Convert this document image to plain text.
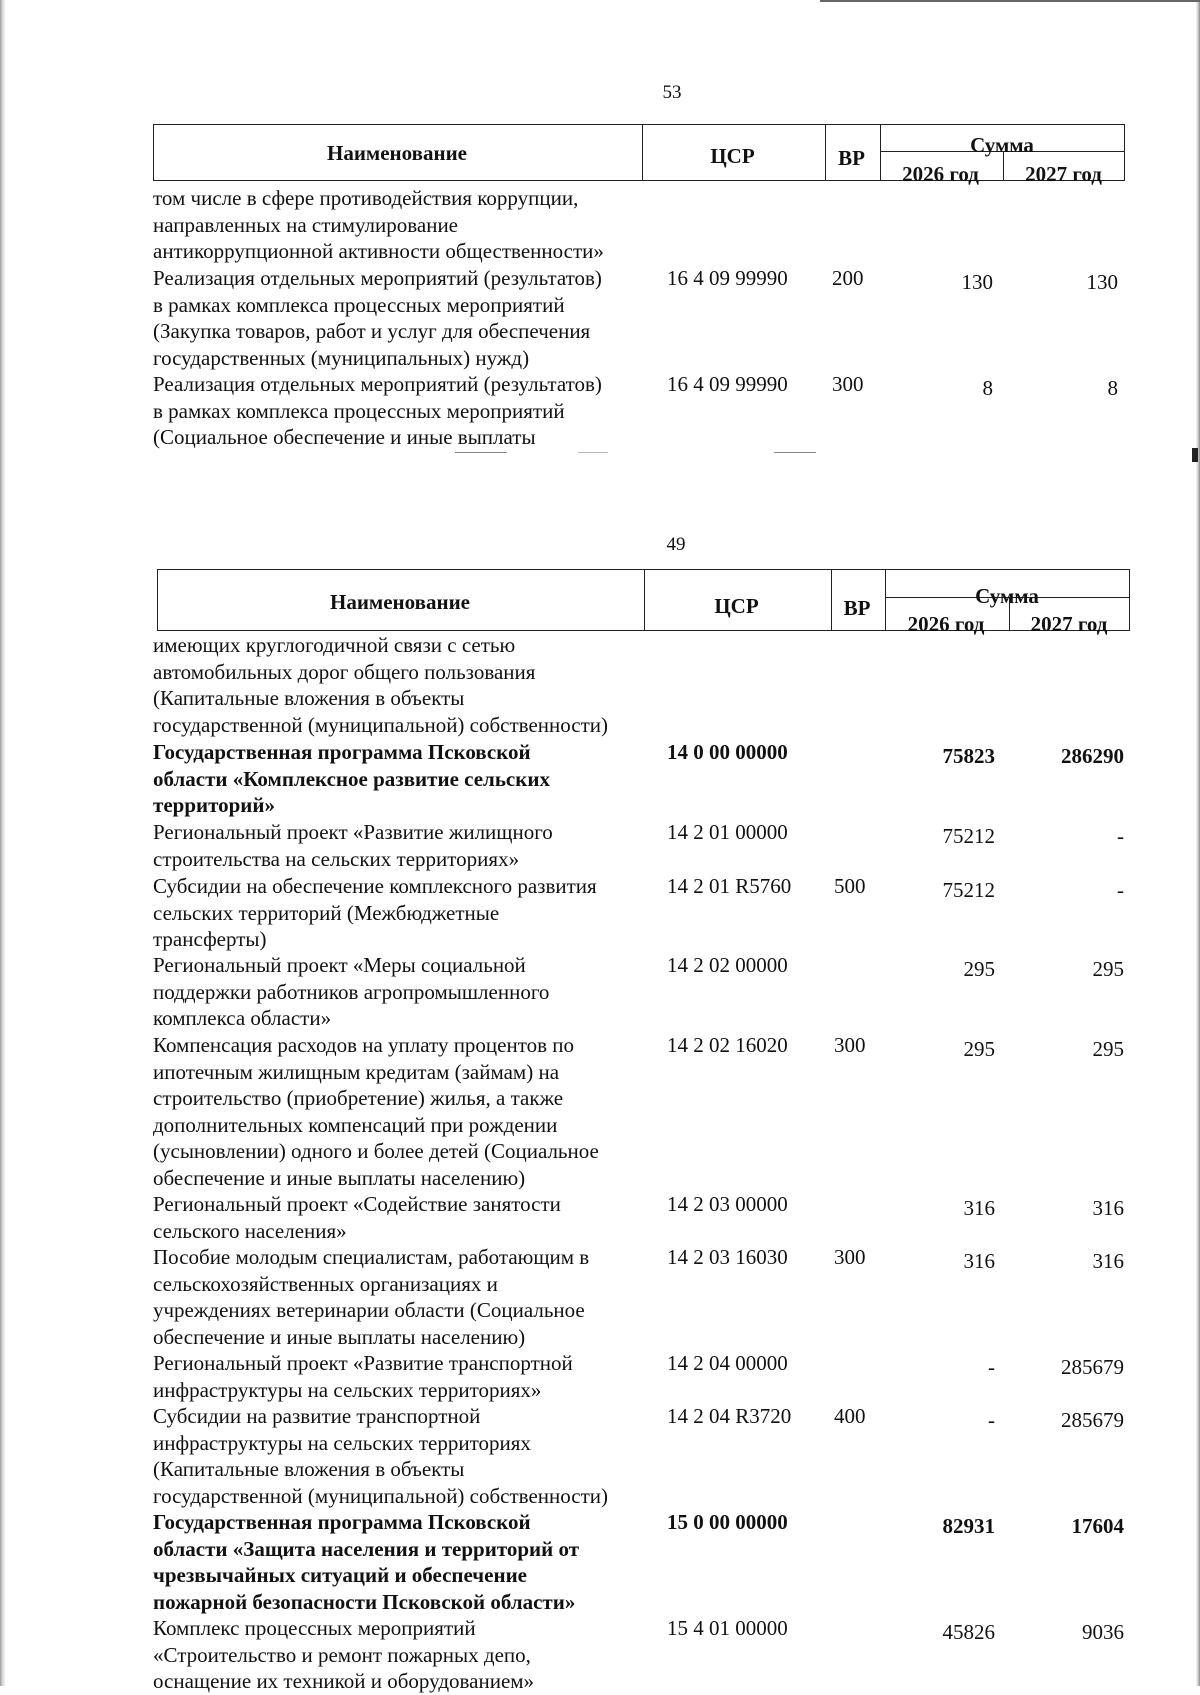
53
Наименование	ЦСР	ВР
Сумма
2026 год	2027 год
том числе в сфере противодействия коррупции,
направленных на стимулирование
антикоррупционной активности общественности»
Реализация отдельных мероприятий (результатов)
в рамках комплекса процессных мероприятий
(Закупка товаров, работ и услуг для обеспечения
государственных (муниципальных) нужд)
16 4 09 99990 200	130	130
Реализация отдельных мероприятий (результатов)
в рамках комплекса процессных мероприятий
(Социальное обеспечение и иные выплаты
16 4 09 99990 300	8	8
49
Наименование	ЦСР	ВР	Сумма
2026 год	2027 год
имеющих круглогодичной связи с сетью
автомобильных дорог общего пользования
(Капитальные вложения в объекты
государственной (муниципальной) собственности)
Государственная программа Псковской
области «Комплексное развитие сельских
территорий»
14 0 00 00000	75823	286290
Региональный проект «Развитие жилищного
строительства на сельских территориях»
14 2 01 00000	75212	-
Субсидии на обеспечение комплексного развития
сельских территорий (Межбюджетные
трансферты)
14 2 01 R5760 500	75212	-
Региональный проект «Меры социальной
поддержки работников агропромышленного
комплекса области»
14 2 02 00000	295	295
Компенсация расходов на уплату процентов по
ипотечным жилищным кредитам (займам) на
строительство (приобретение) жилья, а также
дополнительных компенсаций при рождении
(усыновлении) одного и более детей (Социальное
обеспечение и иные выплаты населению)
14 2 02 16020 300	295	295
Региональный проект «Содействие занятости
сельского населения»
14 2 03 00000	316	316
Пособие молодым специалистам, работающим в
сельскохозяйственных организациях и
учреждениях ветеринарии области (Социальное
обеспечение и иные выплаты населению)
14 2 03 16030 300	316	316
Региональный проект «Развитие транспортной
инфраструктуры на сельских территориях»
14 2 04 00000	-	285679
Субсидии на развитие транспортной
инфраструктуры на сельских территориях
(Капитальные вложения в объекты
государственной (муниципальной) собственности)
14 2 04 R3720 400	-	285679
Государственная программа Псковской
области «Защита населения и территорий от
чрезвычайных ситуаций и обеспечение
пожарной безопасности Псковской области»
15 0 00 00000	82931	17604
Комплекс процессных мероприятий
«Строительство и ремонт пожарных депо,
оснащение их техникой и оборудованием»
15 4 01 00000	45826	9036
